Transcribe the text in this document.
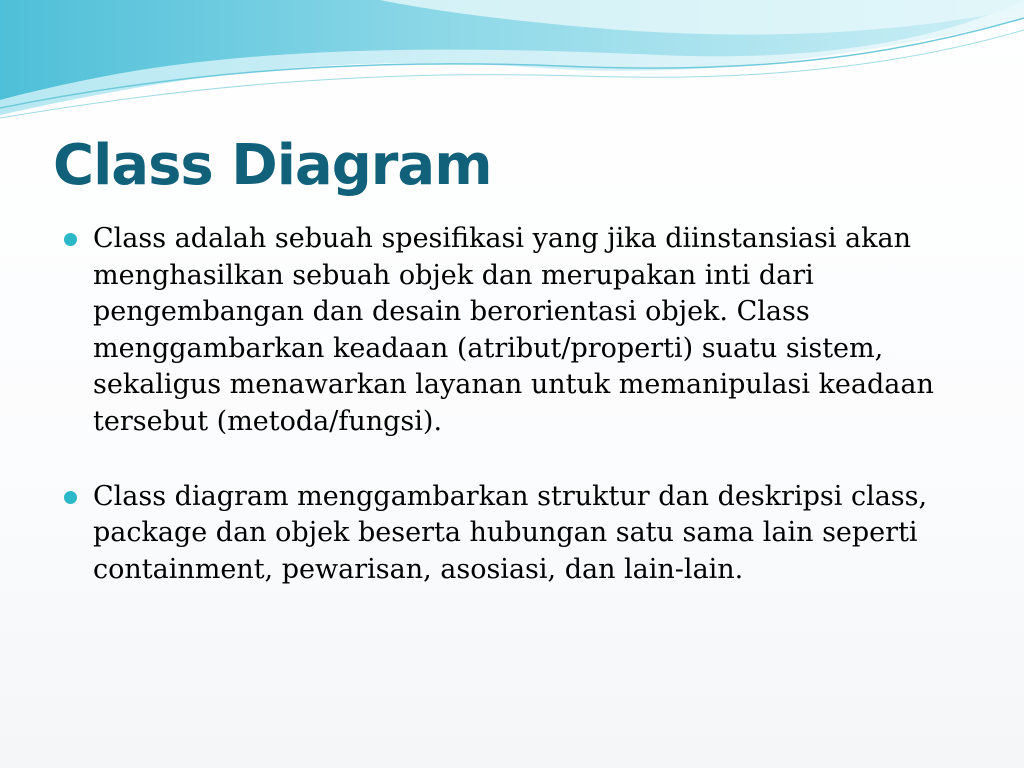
Class Diagram
Class adalah sebuah spesifikasi yang jika diinstansiasi akan menghasilkan sebuah objek dan merupakan inti dari pengembangan dan desain berorientasi objek. Class menggambarkan keadaan (atribut/properti) suatu sistem, sekaligus menawarkan layanan untuk memanipulasi keadaan tersebut (metoda/fungsi).
Class diagram menggambarkan struktur dan deskripsi class, package dan objek beserta hubungan satu sama lain seperti containment, pewarisan, asosiasi, dan lain-lain.
